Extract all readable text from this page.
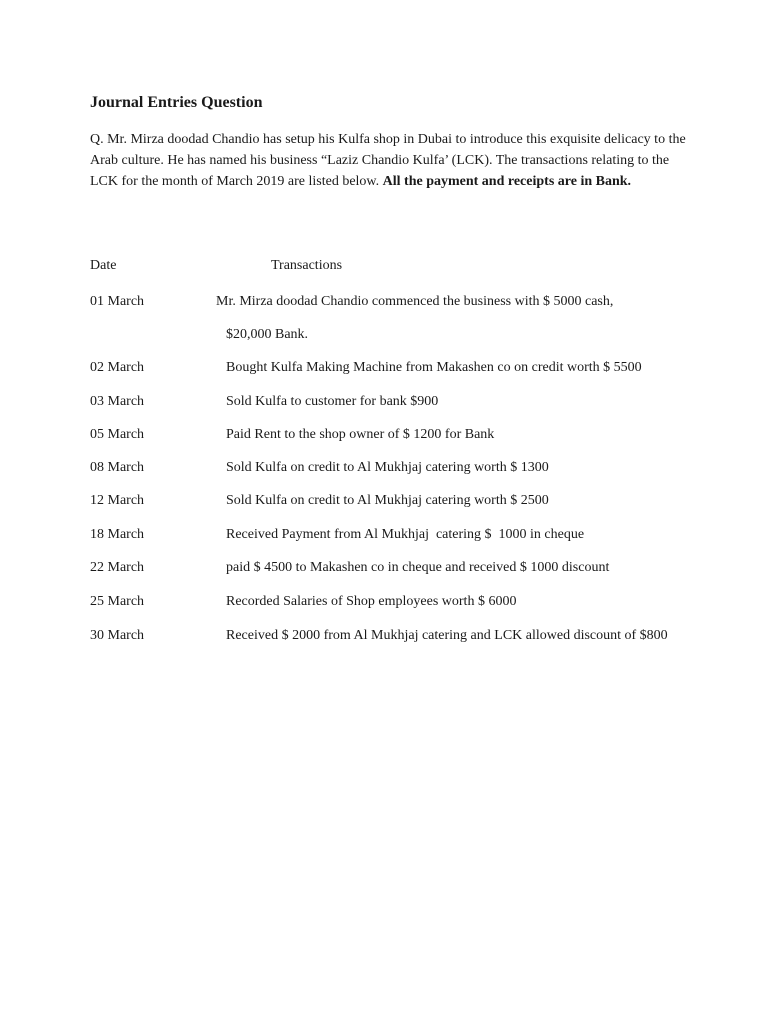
Journal Entries Question

Q. Mr. Mirza doodad Chandio has setup his Kulfa shop in Dubai to introduce this exquisite delicacy to the Arab culture. He has named his business “Laziz Chandio Kulfa’ (LCK). The transactions relating to the LCK for the month of March 2019 are listed below. All the payment and receipts are in Bank.

Date	Transactions
01 March	Mr. Mirza doodad Chandio commenced the business with $ 5000 cash,
$20,000 Bank.
02 March	Bought Kulfa Making Machine from Makashen co on credit worth $ 5500
03 March	Sold Kulfa to customer for bank $900
05 March	Paid Rent to the shop owner of $ 1200 for Bank
08 March	Sold Kulfa on credit to Al Mukhjaj catering worth $ 1300
12 March	Sold Kulfa on credit to Al Mukhjaj catering worth $ 2500
18 March	Received Payment from Al Mukhjaj  catering $  1000 in cheque
22 March	paid $ 4500 to Makashen co in cheque and received $ 1000 discount
25 March	Recorded Salaries of Shop employees worth $ 6000
30 March	Received $ 2000 from Al Mukhjaj catering and LCK allowed discount of $800
